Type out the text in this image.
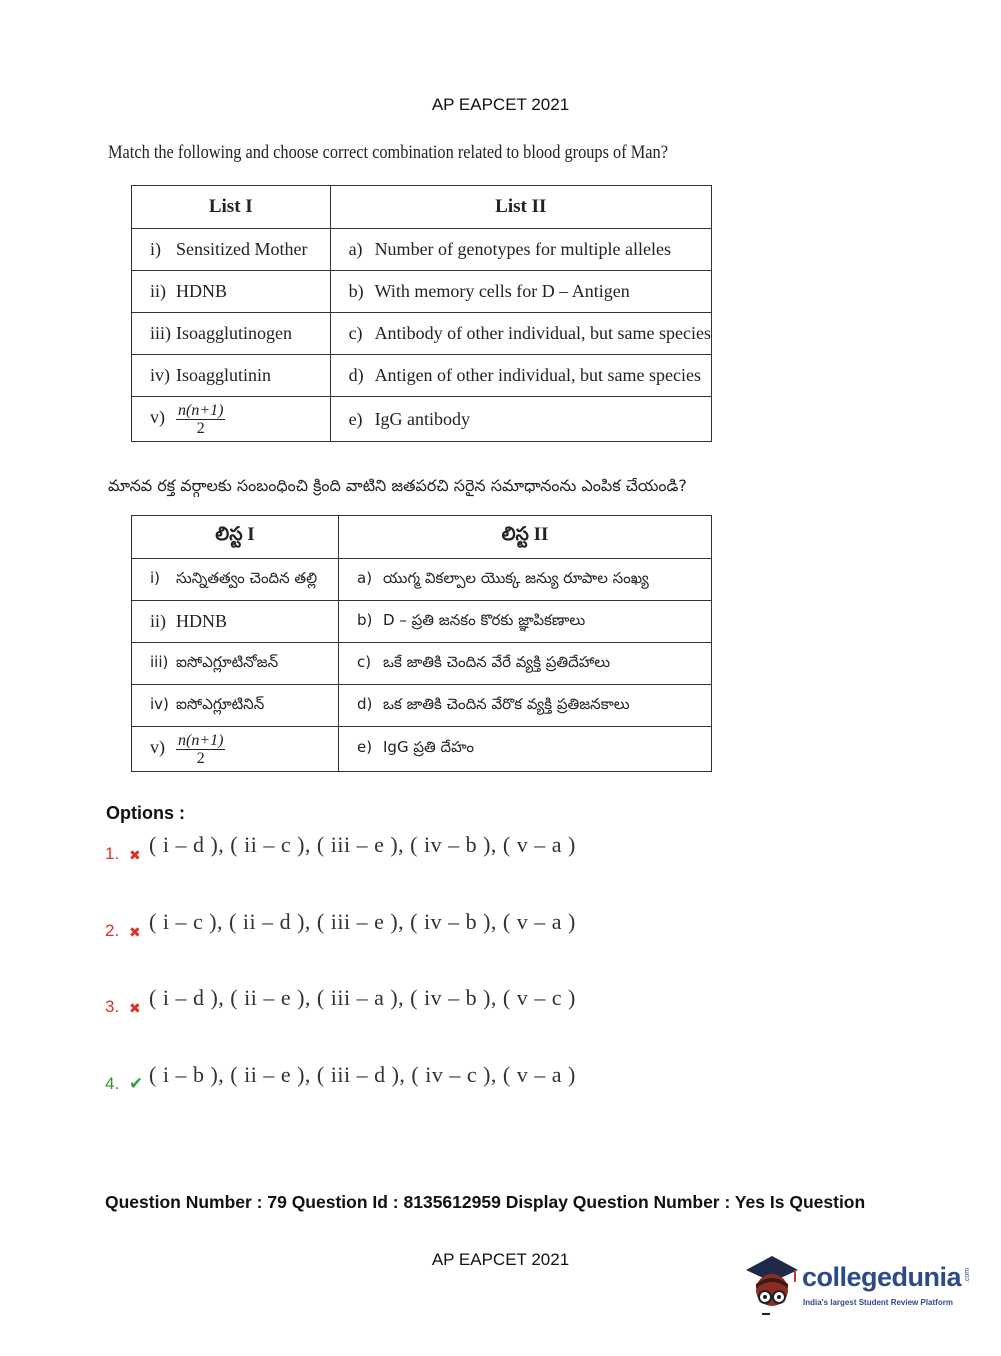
AP EAPCET 2021
Match the following and choose correct combination related to blood groups of Man?
List I	List II
i) Sensitized Mother	a) Number of genotypes for multiple alleles
ii) HDNB	b) With memory cells for D – Antigen
iii) Isoagglutinogen	c) Antibody of other individual, but same species
iv) Isoagglutinin	d) Antigen of other individual, but same species
$v) \frac{n(n+1)}{2}$	e) IgG antibody
మానవ రక్త వర్గాలకు సంబంధించి క్రింది వాటిని జతపరచి సరైన సమాధానంను ఎంపిక చేయండి?
లిస్ట I	లిస్ట II
i) సున్నితత్వం చెందిన తల్లి	a) యుగ్మ వికల్పాల యొక్క జన్యు రూపాల సంఖ్య
ii) HDNB	b) D – ప్రతి జనకం కొరకు జ్ఞాపికణాలు
iii) ఐసోఎగ్లూటినోజన్	c) ఒకే జాతికి చెందిన వేరే వ్యక్తి ప్రతిదేహాలు
iv) ఐసోఎగ్లూటినిన్	d) ఒక జాతికి చెందిన వేరొక వ్యక్తి ప్రతిజనకాలు
$v) \frac{n(n+1)}{2}$	e) IgG ప్రతి దేహం
Options :
1. ✖ ( i – d ), ( ii – c ), ( iii – e ), ( iv – b ), ( v – a )
2. ✖ ( i – c ), ( ii – d ), ( iii – e ), ( iv – b ), ( v – a )
3. ✖ ( i – d ), ( ii – e ), ( iii – a ), ( iv – b ), ( v – c )
4. ✔ ( i – b ), ( ii – e ), ( iii – d ), ( iv – c ), ( v – a )
Question Number : 79 Question Id : 8135612959 Display Question Number : Yes Is Question
AP EAPCET 2021
collegedunia .com
India's largest Student Review Platform
